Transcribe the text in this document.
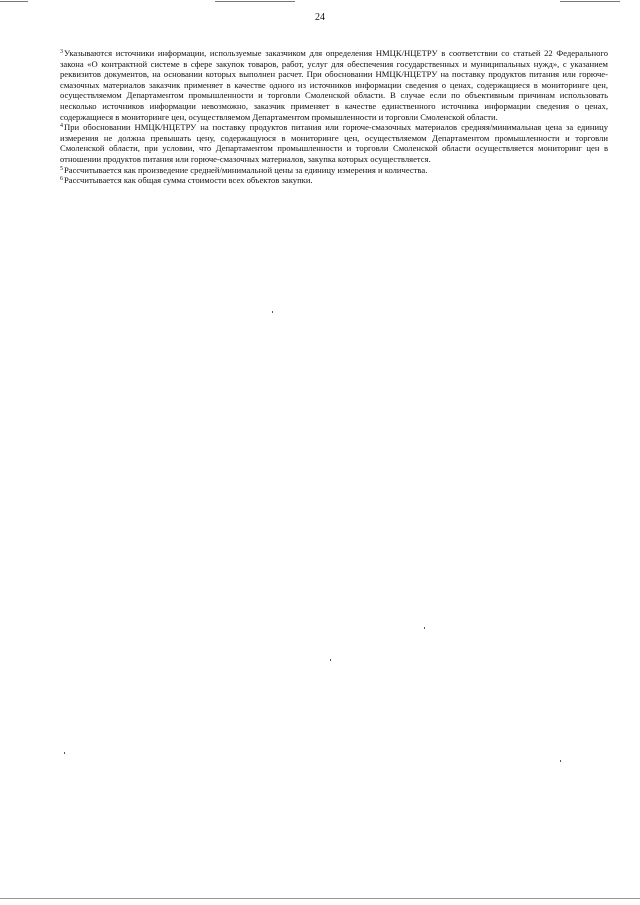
24

$^3$Указываются источники информации, используемые заказчиком для определения НМЦК/НЦЕТРУ в соответствии со статьей 22 Федерального закона «О контрактной системе в сфере закупок товаров, работ, услуг для обеспечения государственных и муниципальных нужд», с указанием реквизитов документов, на основании которых выполнен расчет. При обосновании НМЦК/НЦЕТРУ на поставку продуктов питания или горюче-смазочных материалов заказчик применяет в качестве одного из источников информации сведения о ценах, содержащиеся в мониторинге цен, осуществляемом Департаментом промышленности и торговли Смоленской области. В случае если по объективным причинам использовать несколько источников информации невозможно, заказчик применяет в качестве единственного источника информации сведения о ценах, содержащиеся в мониторинге цен, осуществляемом Департаментом промышленности и торговли Смоленской области.

$^4$При обосновании НМЦК/НЦЕТРУ на поставку продуктов питания или горюче-смазочных материалов средняя/минимальная цена за единицу измерения не должна превышать цену, содержащуюся в мониторинге цен, осуществляемом Департаментом промышленности и торговли Смоленской области, при условии, что Департаментом промышленности и торговли Смоленской области осуществляется мониторинг цен в отношении продуктов питания или горюче-смазочных материалов, закупка которых осуществляется.

$^5$Рассчитывается как произведение средней/минимальной цены за единицу измерения и количества.

$^6$Рассчитывается как общая сумма стоимости всех объектов закупки.
